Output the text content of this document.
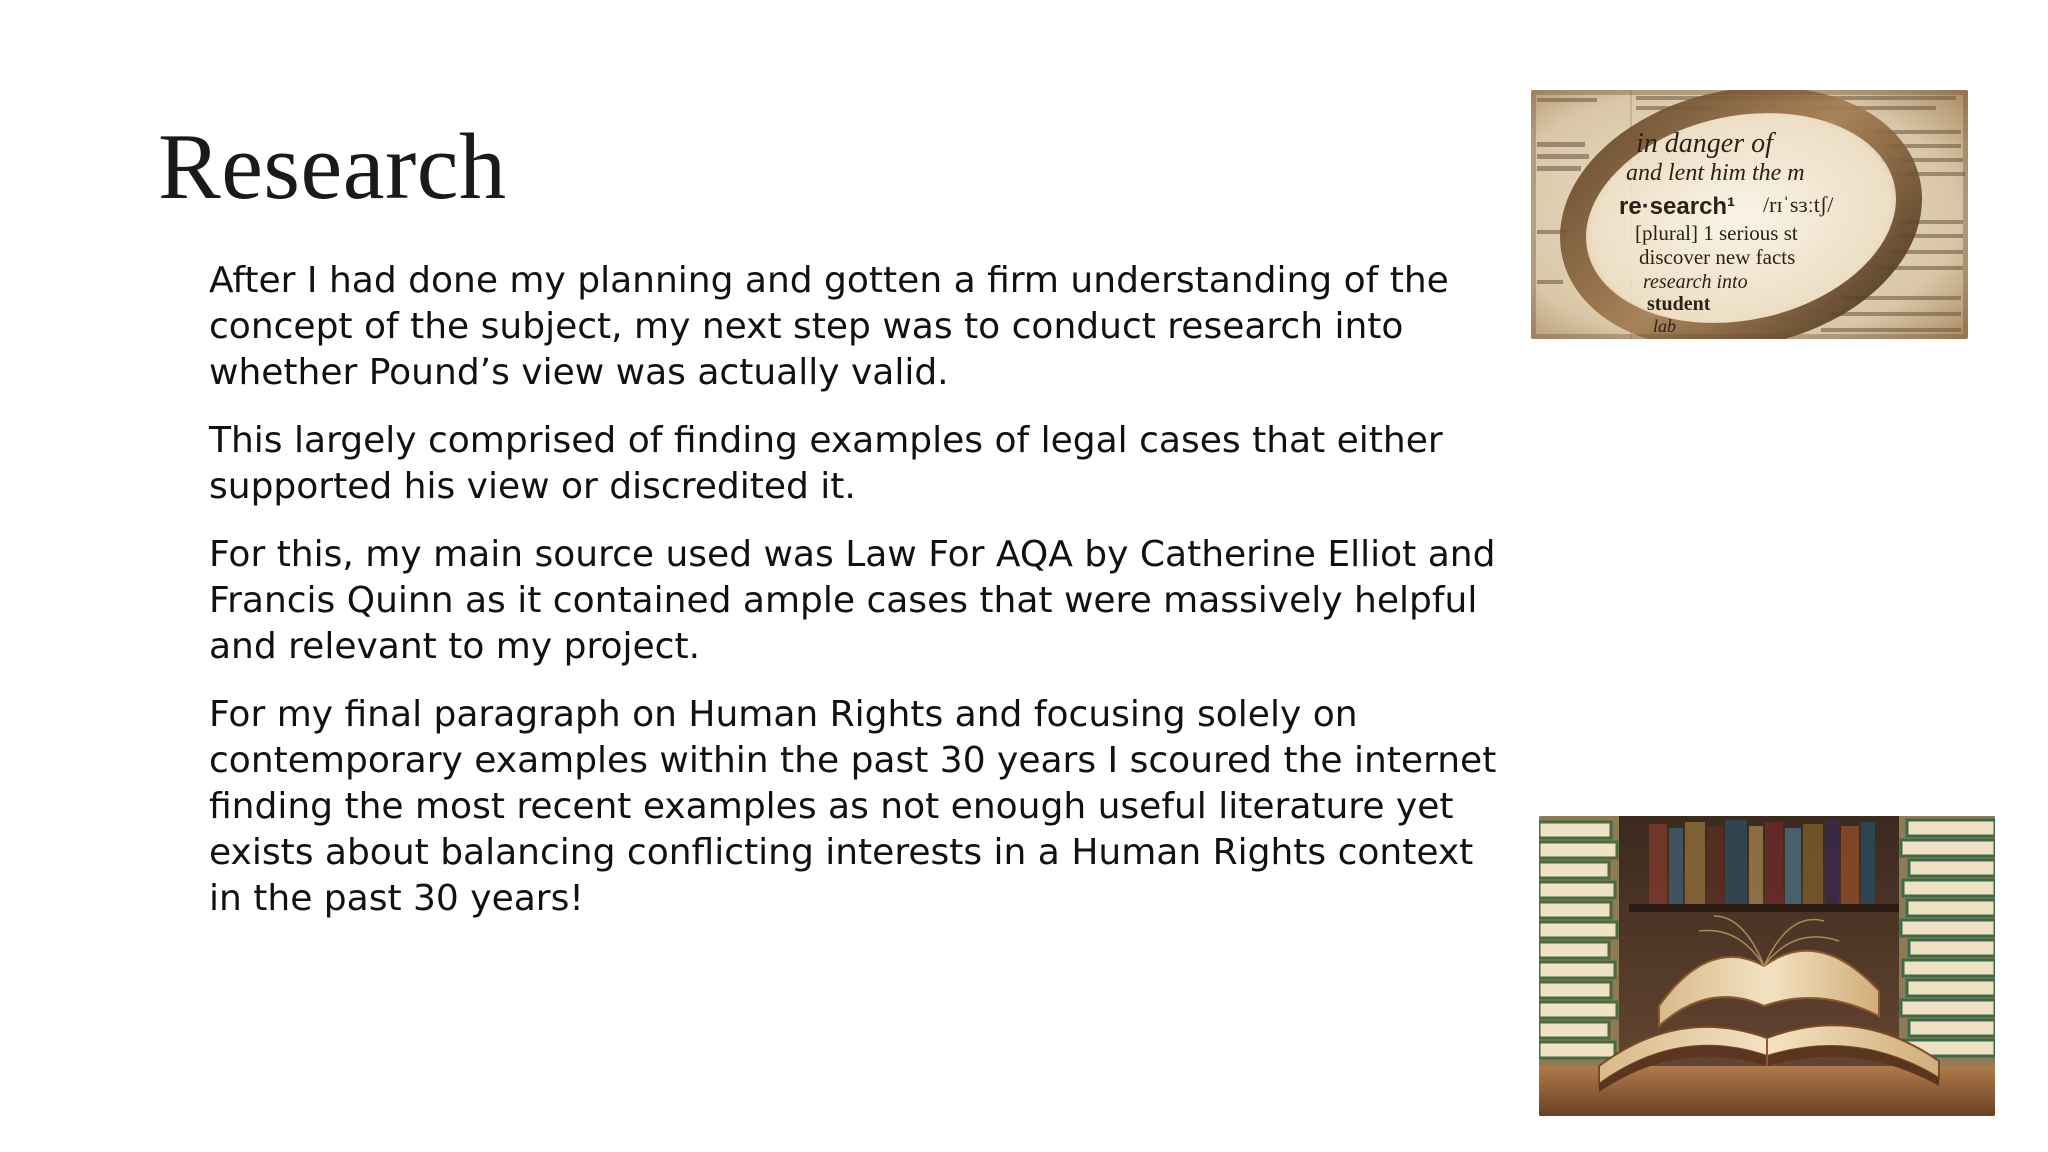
Research

After I had done my planning and gotten a firm understanding of the concept of the subject, my next step was to conduct research into whether Pound’s view was actually valid.

This largely comprised of finding examples of legal cases that either supported his view or discredited it.

For this, my main source used was Law For AQA by Catherine Elliot and Francis Quinn as it contained ample cases that were massively helpful and relevant to my project.

For my final paragraph on Human Rights and focusing solely on contemporary examples within the past 30 years I scoured the internet finding the most recent examples as not enough useful literature yet exists about balancing conflicting interests in a Human Rights context in the past 30 years!

in danger of
and lent him the m
re·search¹ /rɪˈsɜːtʃ/
[plural] 1 serious st
discover new facts
research into
student
lab
